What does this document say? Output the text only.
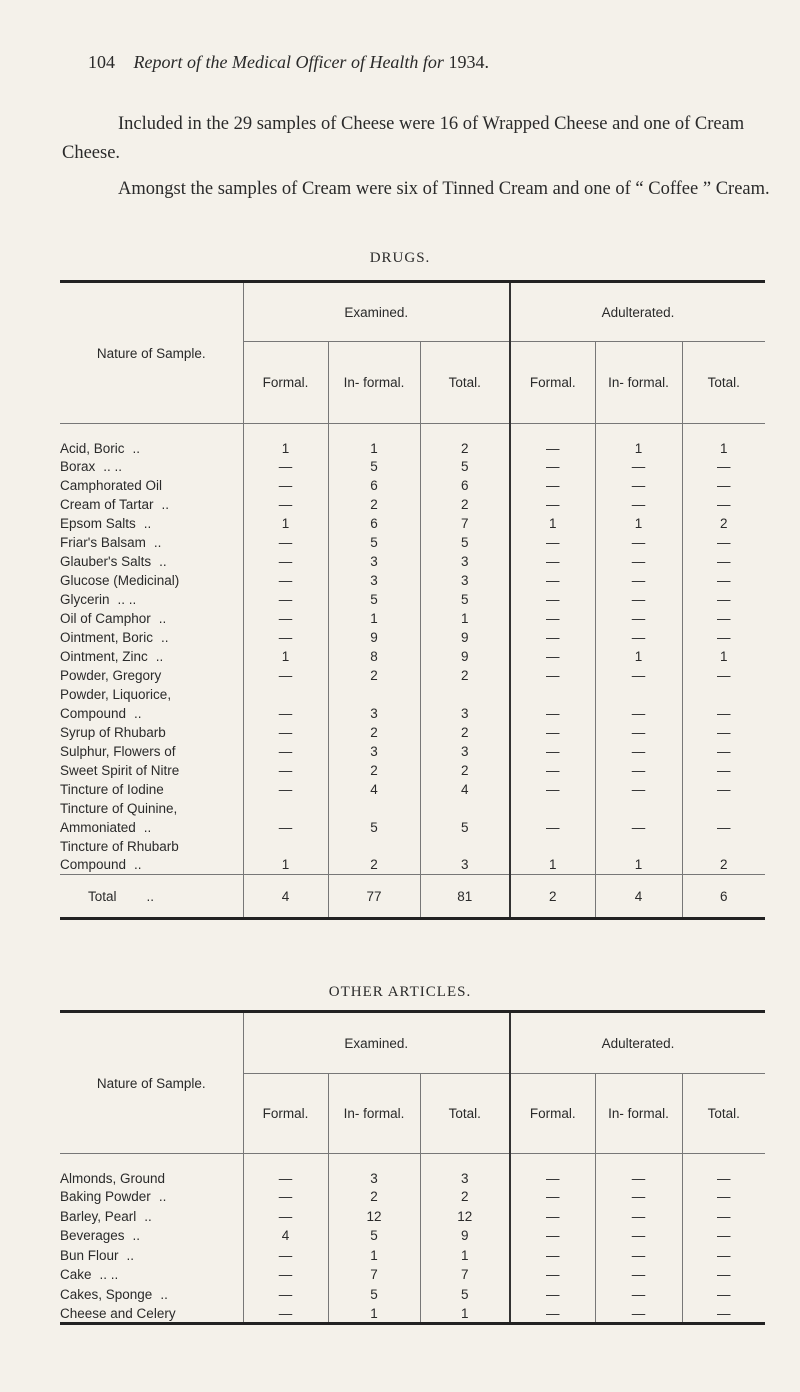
104 Report of the Medical Officer of Health for 1934.
Included in the 29 samples of Cheese were 16 of Wrapped Cheese and one of Cream Cheese.
Amongst the samples of Cream were six of Tinned Cream and one of “ Coffee ” Cream.
DRUGS.
Nature of Sample.	Examined.			Adulterated.		
	Formal.	In- formal.	Total.	Formal.	In- formal.	Total.
Acid, Boric ..	1	1	2	—	1	1
Borax .. ..	—	5	5	—	—	—
Camphorated Oil	—	6	6	—	—	—
Cream of Tartar ..	—	2	2	—	—	—
Epsom Salts ..	1	6	7	1	1	2
Friar's Balsam ..	—	5	5	—	—	—
Glauber's Salts ..	—	3	3	—	—	—
Glucose (Medicinal)	—	3	3	—	—	—
Glycerin .. ..	—	5	5	—	—	—
Oil of Camphor ..	—	1	1	—	—	—
Ointment, Boric ..	—	9	9	—	—	—
Ointment, Zinc ..	1	8	9	—	1	1
Powder, Gregory	—	2	2	—	—	—
Powder, Liquorice,						
Compound ..	—	3	3	—	—	—
Syrup of Rhubarb	—	2	2	—	—	—
Sulphur, Flowers of	—	3	3	—	—	—
Sweet Spirit of Nitre	—	2	2	—	—	—
Tincture of Iodine	—	4	4	—	—	—
Tincture of Quinine,						
Ammoniated ..	—	5	5	—	—	—
Tincture of Rhubarb						
Compound ..	1	2	3	1	1	2
Total ..	4	77	81	2	4	6
OTHER ARTICLES.
Nature of Sample.	Examined.			Adulterated.		
	Formal.	In- formal.	Total.	Formal.	In- formal.	Total.
Almonds, Ground	—	3	3	—	—	—
Baking Powder ..	—	2	2	—	—	—
Barley, Pearl ..	—	12	12	—	—	—
Beverages ..	4	5	9	—	—	—
Bun Flour ..	—	1	1	—	—	—
Cake .. ..	—	7	7	—	—	—
Cakes, Sponge ..	—	5	5	—	—	—
Cheese and Celery	—	1	1	—	—	—
